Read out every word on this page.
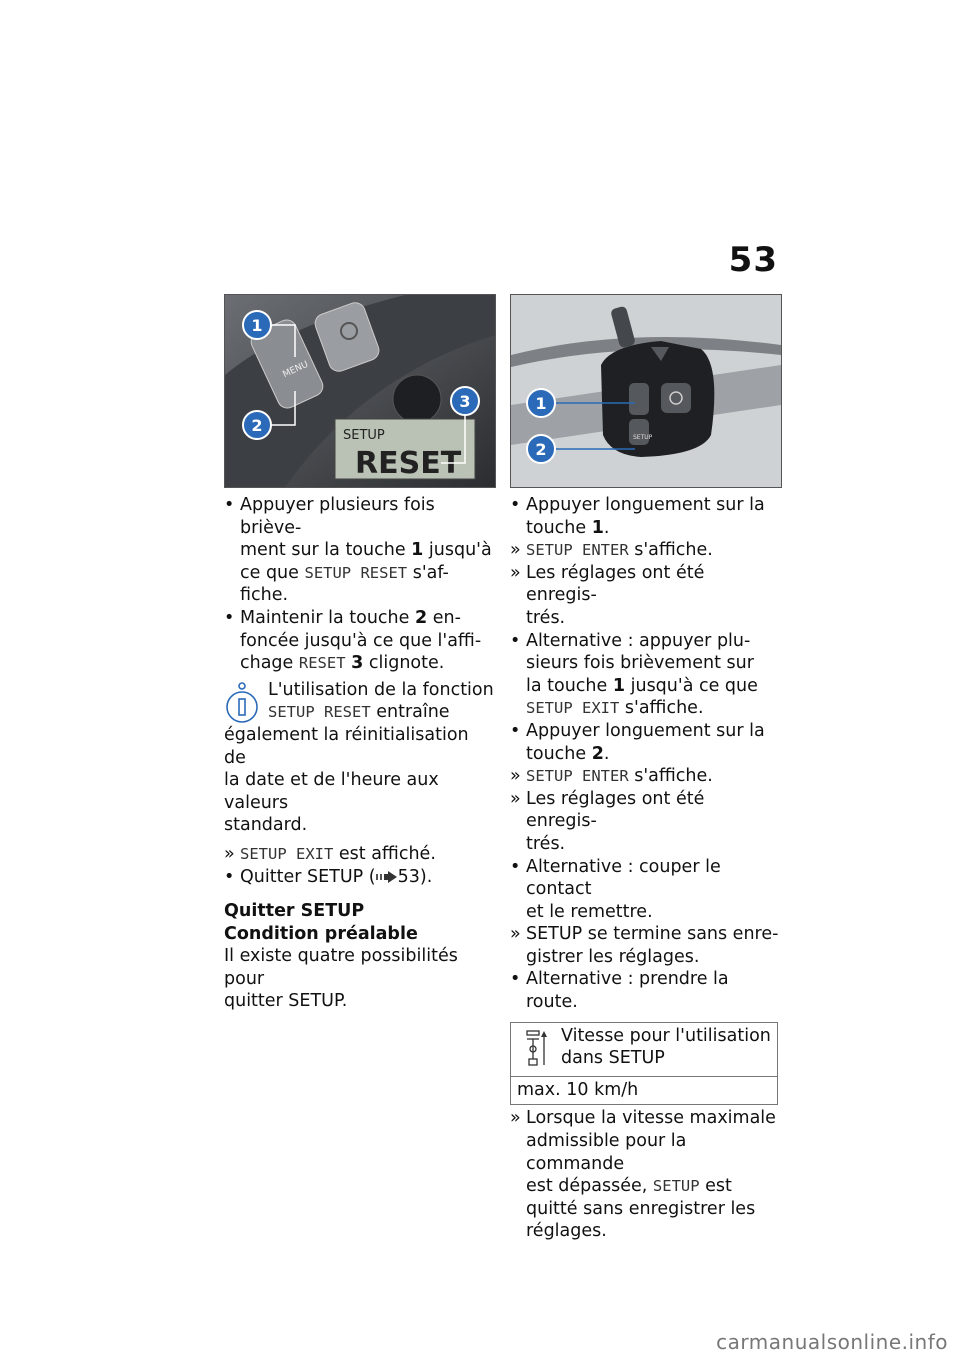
53
MENU
SETUP
RESET
1
2
3
• Appuyer plusieurs fois briève-
ment sur la touche 1 jusqu'à
ce que SETUP RESET s'af-
fiche.
• Maintenir la touche 2 en-
foncée jusqu'à ce que l'affi-
chage RESET 3 clignote.
L'utilisation de la fonction
SETUP RESET entraîne
également la réinitialisation de
la date et de l'heure aux valeurs
standard.
» SETUP EXIT est affiché.
• Quitter SETUP ( 53).
Quitter SETUP
Condition préalable
Il existe quatre possibilités pour
quitter SETUP.
SETUP
1
2
• Appuyer longuement sur la
touche 1.
» SETUP ENTER s'affiche.
» Les réglages ont été enregis-
trés.
• Alternative : appuyer plu-
sieurs fois brièvement sur
la touche 1 jusqu'à ce que
SETUP EXIT s'affiche.
• Appuyer longuement sur la
touche 2.
» SETUP ENTER s'affiche.
» Les réglages ont été enregis-
trés.
• Alternative : couper le contact
et le remettre.
» SETUP se termine sans enre-
gistrer les réglages.
• Alternative : prendre la route.
Vitesse pour l'utilisation
dans SETUP
max. 10 km/h
» Lorsque la vitesse maximale
admissible pour la commande
est dépassée, SETUP est
quitté sans enregistrer les
réglages.
carmanualsonline.info
